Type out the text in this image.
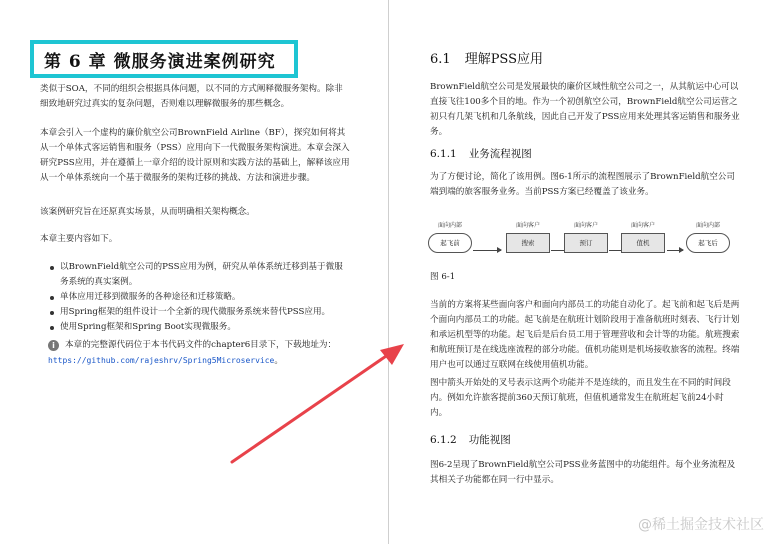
第 6 章 微服务演进案例研究

类似于SOA，不同的组织会根据具体问题，以不同的方式阐释微服务架构。除非细致地研究过真实的复杂问题，否则难以理解微服务的那些概念。

本章会引入一个虚构的廉价航空公司BrownField Airline（BF），探究如何将其从一个单体式客运销售和服务（PSS）应用向下一代微服务架构演进。本章会深入研究PSS应用，并在遵循上一章介绍的设计原则和实践方法的基础上，解释该应用从一个单体系统向一个基于微服务的架构迁移的挑战、方法和演进步骤。

该案例研究旨在还原真实场景，从而明确相关架构概念。

本章主要内容如下。

以BrownField航空公司的PSS应用为例，研究从单体系统迁移到基于微服务系统的真实案例。
单体应用迁移到微服务的各种途径和迁移策略。
用Spring框架的组件设计一个全新的现代微服务系统来替代PSS应用。
使用Spring框架和Spring Boot实现微服务。
i 本章的完整源代码位于本书代码文件的chapter6目录下，下载地址为：https://github.com/rajeshrv/Spring5Microservice。
6.1 理解PSS应用

BrownField航空公司是发展最快的廉价区域性航空公司之一，从其航运中心可以直接飞往100多个目的地。作为一个初创航空公司，BrownField航空公司运营之初只有几架飞机和几条航线，因此自己开发了PSS应用来处理其客运销售和服务业务。

6.1.1 业务流程视图

为了方便讨论，简化了该用例。图6-1所示的流程图展示了BrownField航空公司端到端的旅客服务业务。当前PSS方案已经覆盖了该业务。

面向内部
起飞前
面向客户
搜索
面向客户
预订
面向客户
值机
面向内部
起飞后
图 6-1

当前的方案将某些面向客户和面向内部员工的功能自动化了。起飞前和起飞后是两个面向内部员工的功能。起飞前是在航班计划阶段用于准备航班时刻表、飞行计划和承运机型等的功能。起飞后是后台员工用于管理营收和会计等的功能。航班搜索和航班预订是在线选座流程的部分功能。值机功能则是机场接收旅客的流程。终端用户也可以通过互联网在线使用值机功能。

图中箭头开始处的叉号表示这两个功能并不是连续的，而且发生在不同的时间段内。例如允许旅客提前360天预订航班，但值机通常发生在航班起飞前24小时内。

6.1.2 功能视图

图6-2呈现了BrownField航空公司PSS业务蓝图中的功能组件。每个业务流程及其相关子功能都在同一行中显示。

@稀土掘金技术社区
